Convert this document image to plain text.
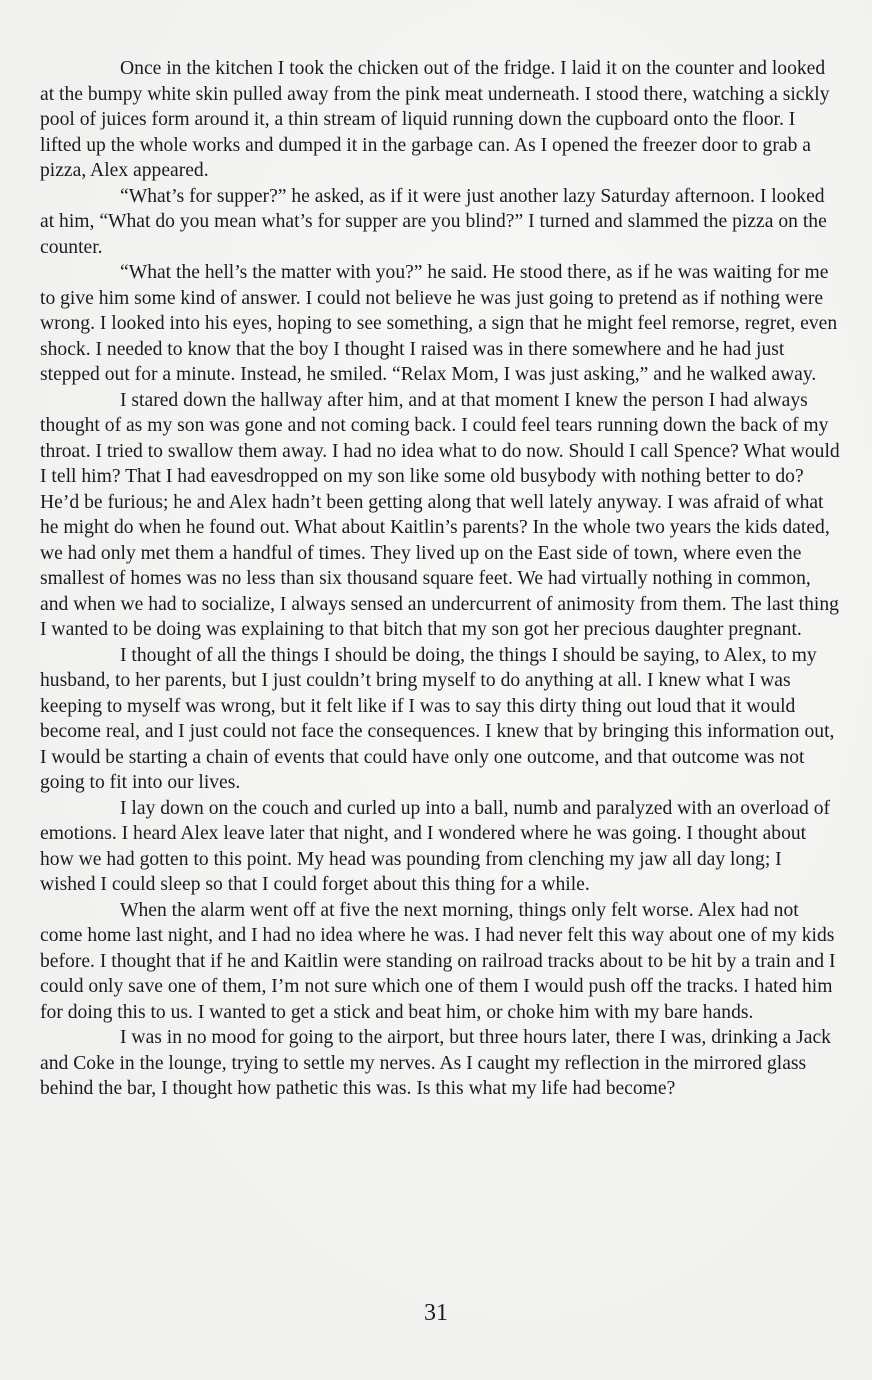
Once in the kitchen I took the chicken out of the fridge. I laid it on the counter and looked at the bumpy white skin pulled away from the pink meat underneath. I stood there, watching a sickly pool of juices form around it, a thin stream of liquid running down the cupboard onto the floor. I lifted up the whole works and dumped it in the garbage can. As I opened the freezer door to grab a pizza, Alex appeared.

“What’s for supper?” he asked, as if it were just another lazy Saturday afternoon. I looked at him, “What do you mean what’s for supper are you blind?” I turned and slammed the pizza on the counter.

“What the hell’s the matter with you?” he said. He stood there, as if he was waiting for me to give him some kind of answer. I could not believe he was just going to pretend as if nothing were wrong. I looked into his eyes, hoping to see something, a sign that he might feel remorse, regret, even shock. I needed to know that the boy I thought I raised was in there somewhere and he had just stepped out for a minute. Instead, he smiled. “Relax Mom, I was just asking,” and he walked away.

I stared down the hallway after him, and at that moment I knew the person I had always thought of as my son was gone and not coming back. I could feel tears running down the back of my throat. I tried to swallow them away. I had no idea what to do now. Should I call Spence? What would I tell him? That I had eavesdropped on my son like some old busybody with nothing better to do? He’d be furious; he and Alex hadn’t been getting along that well lately anyway. I was afraid of what he might do when he found out. What about Kaitlin’s parents? In the whole two years the kids dated, we had only met them a handful of times. They lived up on the East side of town, where even the smallest of homes was no less than six thousand square feet. We had virtually nothing in common, and when we had to socialize, I always sensed an undercurrent of animosity from them. The last thing I wanted to be doing was explaining to that bitch that my son got her precious daughter pregnant.

I thought of all the things I should be doing, the things I should be saying, to Alex, to my husband, to her parents, but I just couldn’t bring myself to do anything at all. I knew what I was keeping to myself was wrong, but it felt like if I was to say this dirty thing out loud that it would become real, and I just could not face the consequences. I knew that by bringing this information out, I would be starting a chain of events that could have only one outcome, and that outcome was not going to fit into our lives.

I lay down on the couch and curled up into a ball, numb and paralyzed with an overload of emotions. I heard Alex leave later that night, and I wondered where he was going. I thought about how we had gotten to this point. My head was pounding from clenching my jaw all day long; I wished I could sleep so that I could forget about this thing for a while.

When the alarm went off at five the next morning, things only felt worse. Alex had not come home last night, and I had no idea where he was. I had never felt this way about one of my kids before. I thought that if he and Kaitlin were standing on railroad tracks about to be hit by a train and I could only save one of them, I’m not sure which one of them I would push off the tracks. I hated him for doing this to us. I wanted to get a stick and beat him, or choke him with my bare hands.

I was in no mood for going to the airport, but three hours later, there I was, drinking a Jack and Coke in the lounge, trying to settle my nerves. As I caught my reflection in the mirrored glass behind the bar, I thought how pathetic this was. Is this what my life had become?

31
